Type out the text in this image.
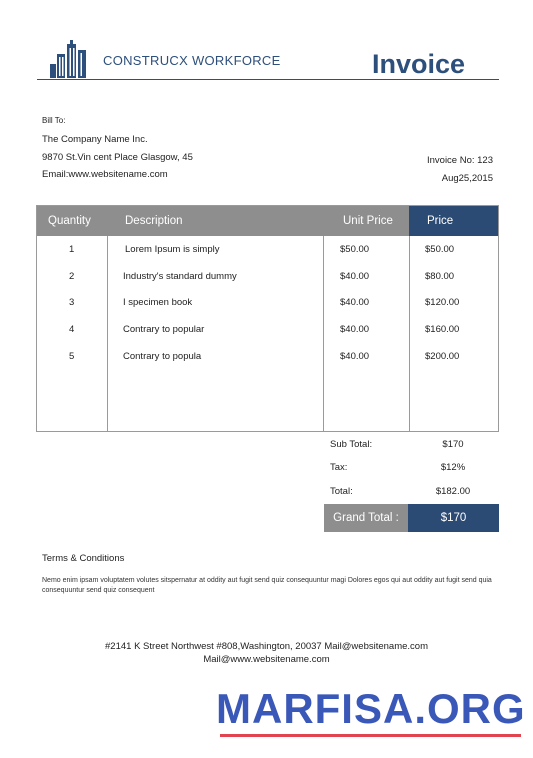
CONSTRUCX WORKFORCE	Invoice
Bill To:
The Company Name Inc.
9870 St.Vin cent Place Glasgow, 45
Email:www.websitename.com
Invoice No: 123
Aug25,2015
Quantity	Description	Unit Price	Price
1	Lorem Ipsum is simply	$50.00	$50.00
2	Industry's standard dummy	$40.00	$80.00
3	I specimen book	$40.00	$120.00
4	Contrary to popular	$40.00	$160.00
5	Contrary to popula	$40.00	$200.00
Sub Total:	$170
Tax:	$12%
Total:	$182.00
Grand Total :	$170
Terms & Conditions
Nemo enim ipsam voluptatem volutes sitspernatur at oddity aut fugit send quiz consequuntur magi Dolores egos qui aut oddity aut fugit send quia consequuntur send quiz consequent
#2141 K Street Northwest #808,Washington, 20037 Mail@websitename.com
Mail@www.websitename.com
MARFISA.ORG
